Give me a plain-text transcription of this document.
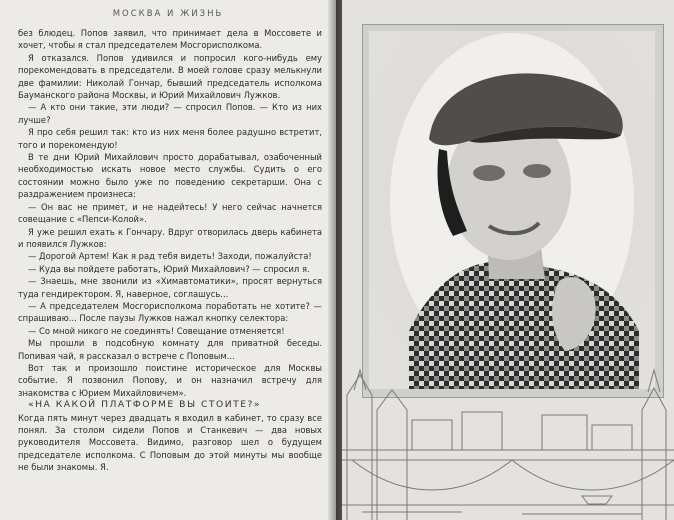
МОСКВА И ЖИЗНЬ

без блюдец. Попов заявил, что принимает дела в Моссовете и хочет, чтобы я стал председателем Мосгорисполкома.

Я отказался. Попов удивился и попросил кого-нибудь ему порекомендовать в председатели. В моей голове сразу мелькнули две фамилии: Николай Гончар, бывший председатель исполкома Бауманского района Москвы, и Юрий Михайлович Лужков.

— А кто они такие, эти люди? — спросил Попов. — Кто из них лучше?

Я про себя решил так: кто из них меня более радушно встретит, того и порекомендую!

В те дни Юрий Михайлович просто дорабатывал, озабоченный необходимостью искать новое место службы. Судить о его состоянии можно было уже по поведению секретарши. Она с раздражением произнеса:

— Он вас не примет, и не надейтесь! У него сейчас начнется совещание с «Пепси-Колой».

Я уже решил ехать к Гончару. Вдруг отворилась дверь кабинета и появился Лужков:

— Дорогой Артем! Как я рад тебя видеть! Заходи, пожалуйста!

— Куда вы пойдете работать, Юрий Михайлович? — спросил я.

— Знаешь, мне звонили из «Химавтоматики», просят вернуться туда гендиректором. Я, наверное, соглашусь...

— А председателем Мосгорисполкома поработать не хотите? — спрашиваю... После паузы Лужков нажал кнопку селектора:

— Со мной никого не соединять! Совещание отменяется!

Мы прошли в подсобную комнату для приватной беседы. Попивая чай, я рассказал о встрече с Поповым...

Вот так и произошло поистине историческое для Москвы событие. Я позвонил Попову, и он назначил встречу для знакомства с Юрием Михайловичем».

«НА КАКОЙ ПЛАТФОРМЕ ВЫ СТОИТЕ?»

Когда пять минут через двадцать я входил в кабинет, то сразу все понял. За столом сидели Попов и Станкевич — два новых руководителя Моссовета. Видимо, разговор шел о будущем председателе исполкома. С Поповым до этой минуты мы вообще не были знакомы. Я.
